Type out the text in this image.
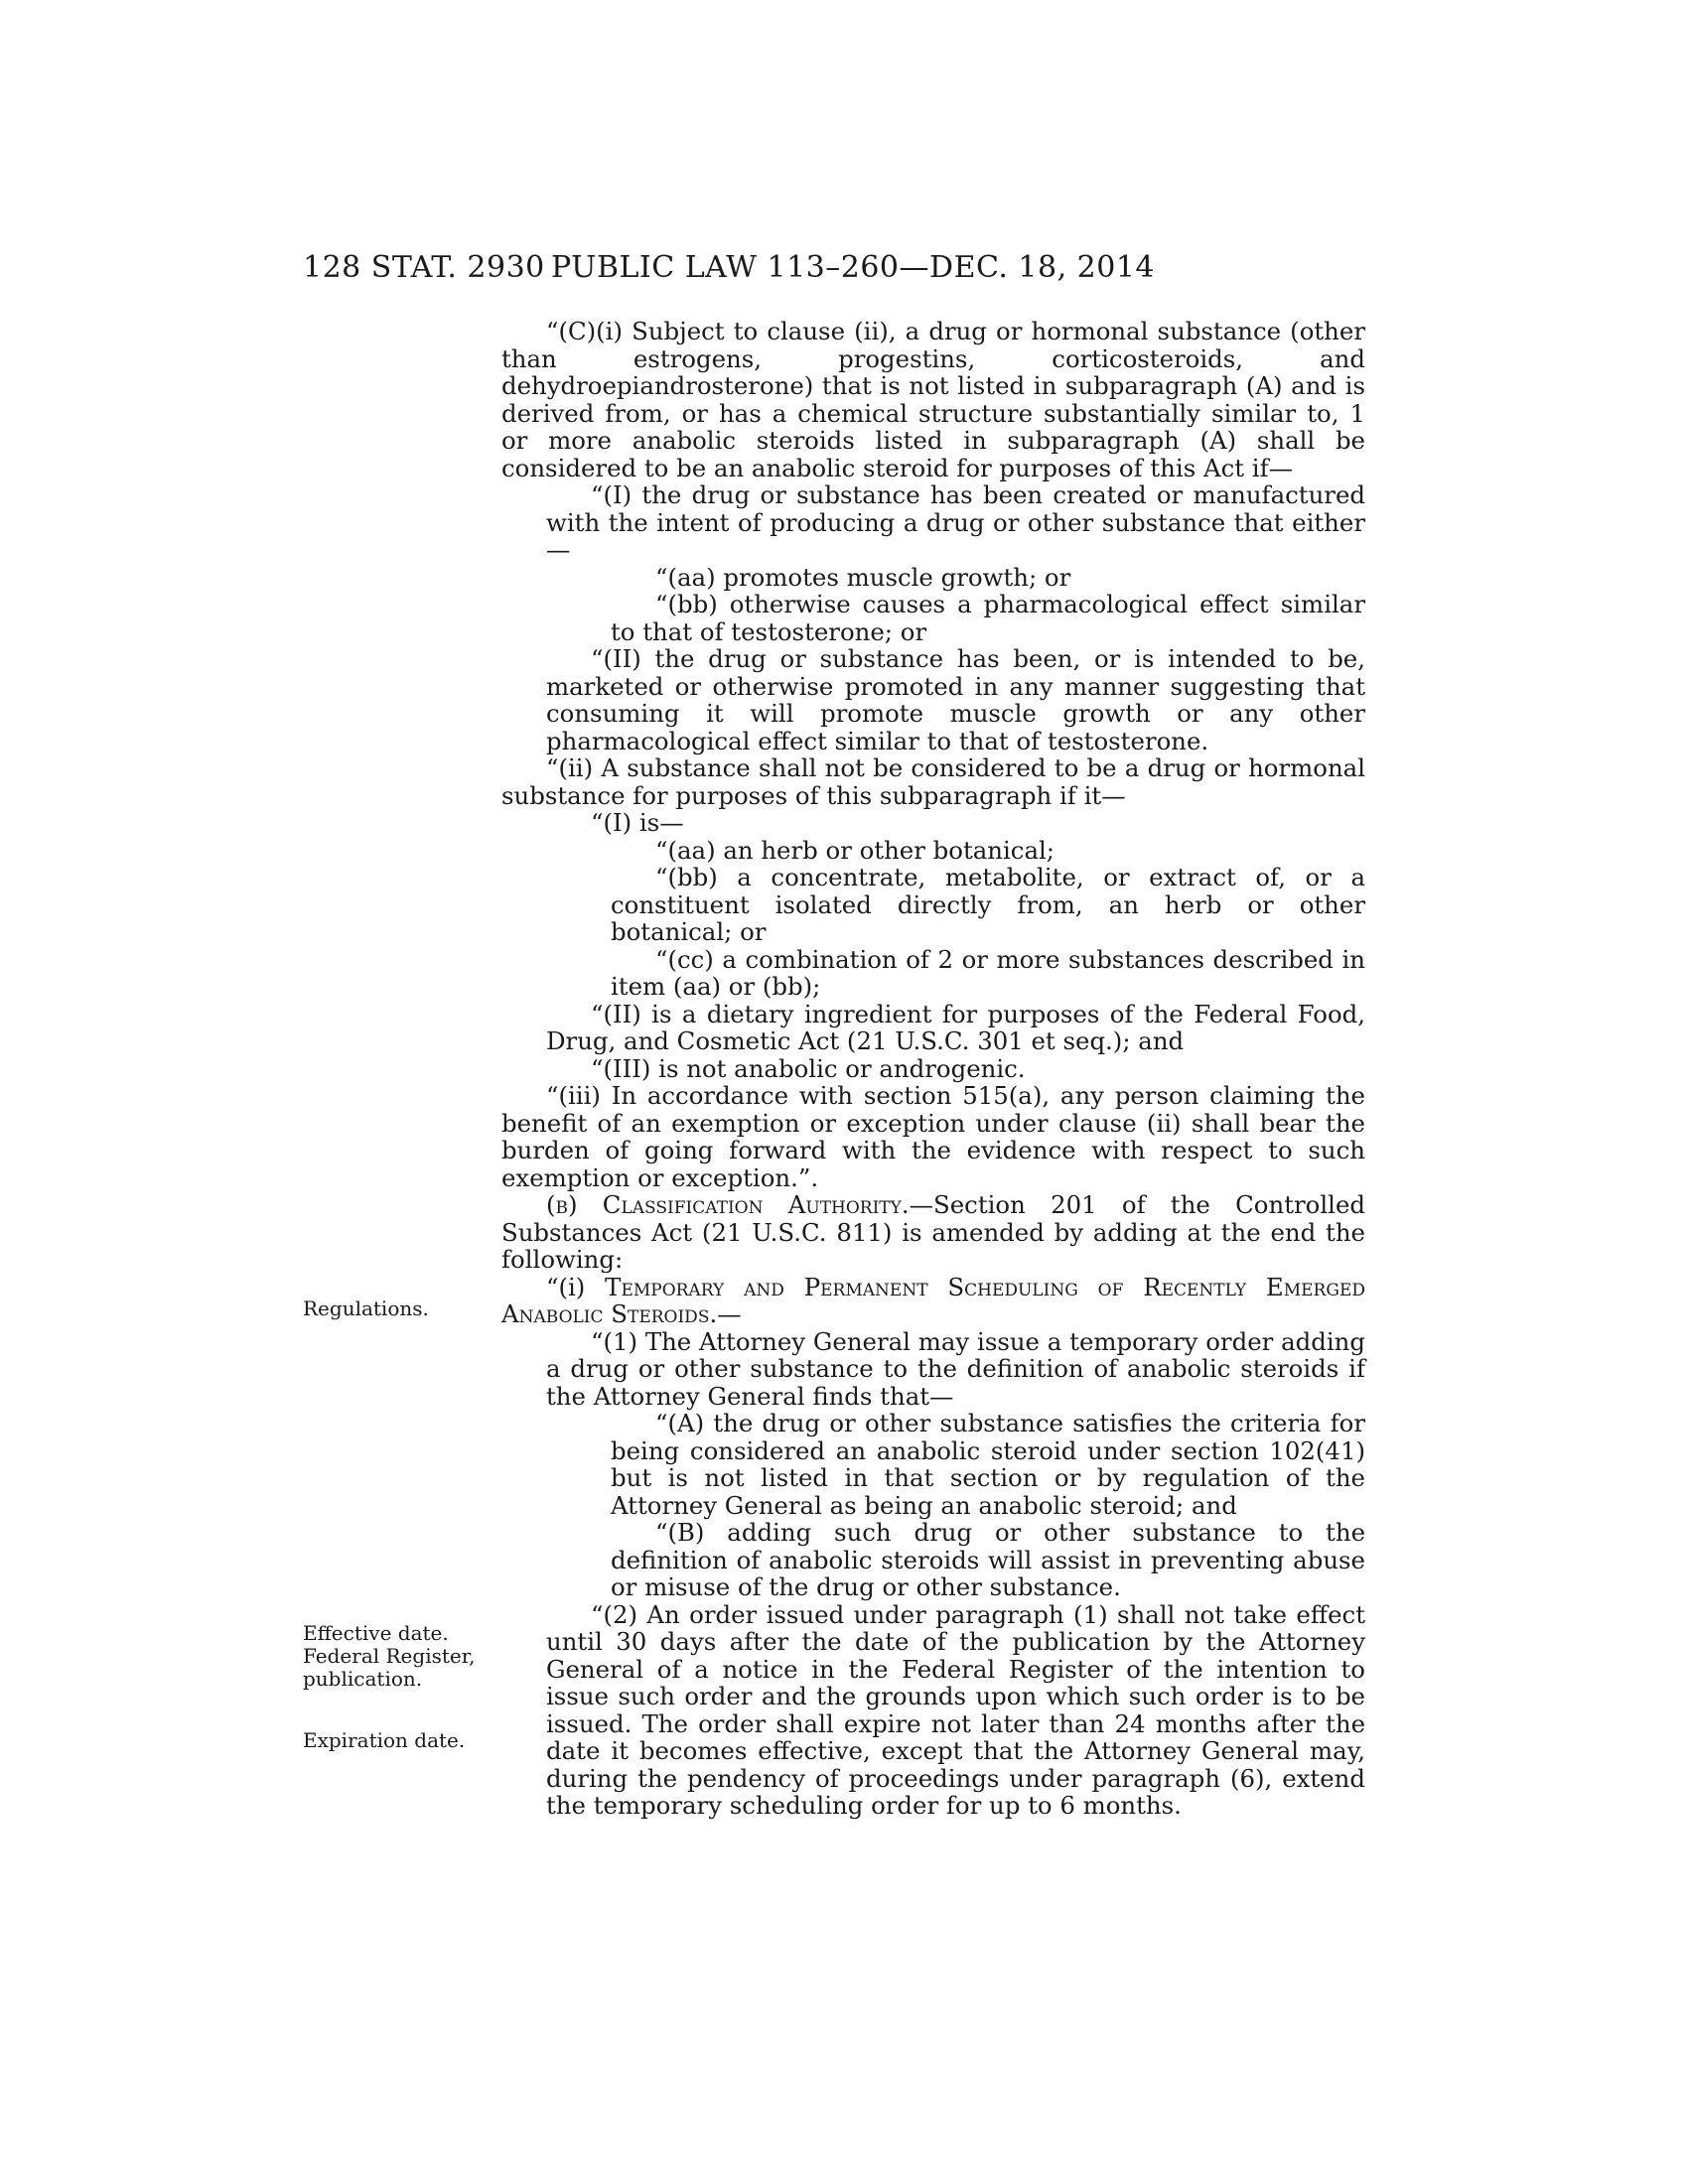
128 STAT. 2930 PUBLIC LAW 113–260—DEC. 18, 2014
Regulations.
Effective date.
Federal Register,
publication.
Expiration date.

“(C)(i) Subject to clause (ii), a drug or hormonal substance (other than estrogens, progestins, corticosteroids, and dehydroepiandrosterone) that is not listed in subparagraph (A) and is derived from, or has a chemical structure substantially similar to, 1 or more anabolic steroids listed in subparagraph (A) shall be considered to be an anabolic steroid for purposes of this Act if—

“(I) the drug or substance has been created or manufactured with the intent of producing a drug or other substance that either—

“(aa) promotes muscle growth; or

“(bb) otherwise causes a pharmacological effect similar to that of testosterone; or

“(II) the drug or substance has been, or is intended to be, marketed or otherwise promoted in any manner suggesting that consuming it will promote muscle growth or any other pharmacological effect similar to that of testosterone.

“(ii) A substance shall not be considered to be a drug or hormonal substance for purposes of this subparagraph if it—

“(I) is—

“(aa) an herb or other botanical;

“(bb) a concentrate, metabolite, or extract of, or a constituent isolated directly from, an herb or other botanical; or

“(cc) a combination of 2 or more substances described in item (aa) or (bb);

“(II) is a dietary ingredient for purposes of the Federal Food, Drug, and Cosmetic Act (21 U.S.C. 301 et seq.); and

“(III) is not anabolic or androgenic.

“(iii) In accordance with section 515(a), any person claiming the benefit of an exemption or exception under clause (ii) shall bear the burden of going forward with the evidence with respect to such exemption or exception.”.

(b) Classification Authority.—Section 201 of the Controlled Substances Act (21 U.S.C. 811) is amended by adding at the end the following:

“(i) Temporary and Permanent Scheduling of Recently Emerged Anabolic Steroids.—

“(1) The Attorney General may issue a temporary order adding a drug or other substance to the definition of anabolic steroids if the Attorney General finds that—

“(A) the drug or other substance satisfies the criteria for being considered an anabolic steroid under section 102(41) but is not listed in that section or by regulation of the Attorney General as being an anabolic steroid; and

“(B) adding such drug or other substance to the definition of anabolic steroids will assist in preventing abuse or misuse of the drug or other substance.

“(2) An order issued under paragraph (1) shall not take effect until 30 days after the date of the publication by the Attorney General of a notice in the Federal Register of the intention to issue such order and the grounds upon which such order is to be issued. The order shall expire not later than 24 months after the date it becomes effective, except that the Attorney General may, during the pendency of proceedings under paragraph (6), extend the temporary scheduling order for up to 6 months.
